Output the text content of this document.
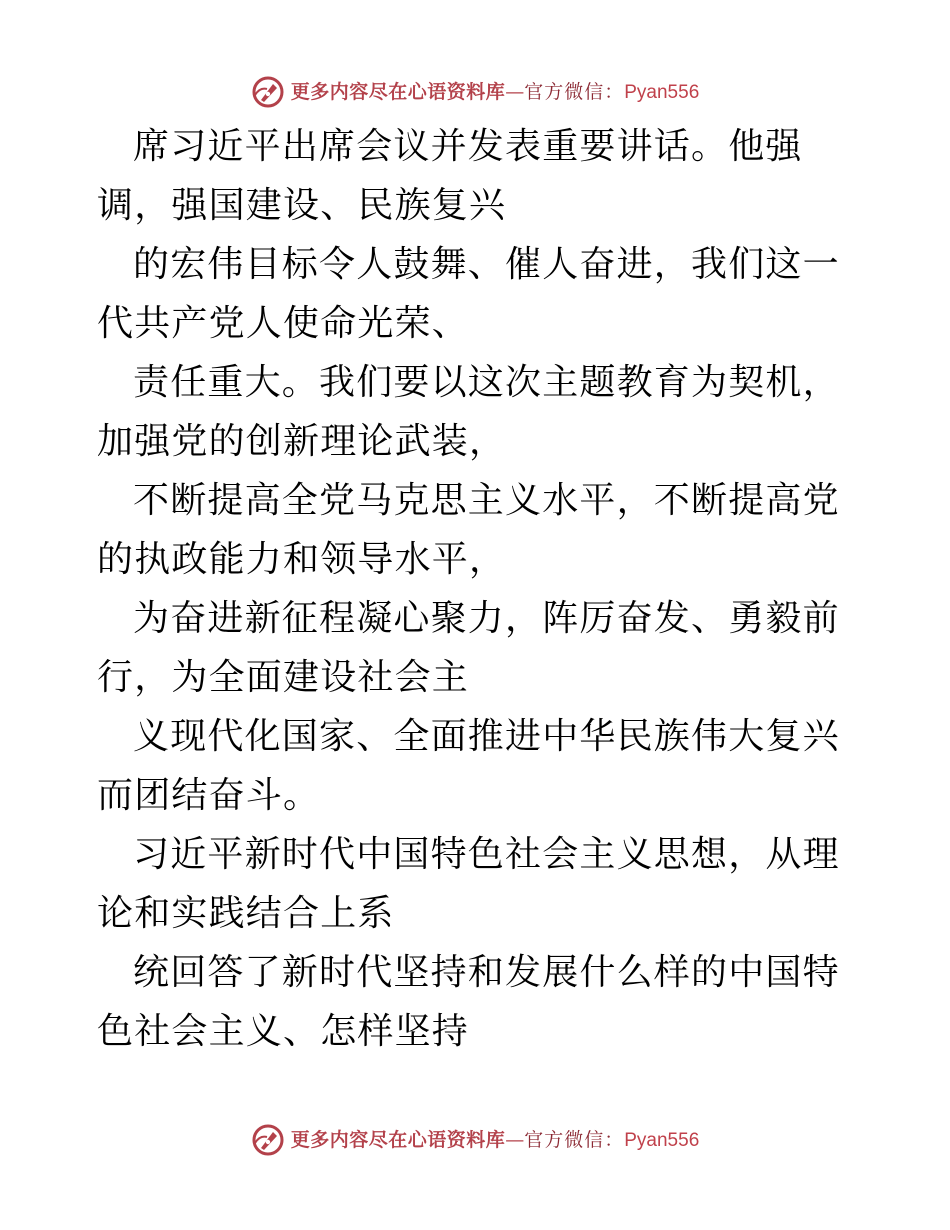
更多内容尽在心语资料库 — 官方微信： Pyan556

席习近平出席会议并发表重要讲话。他强调，强国建设、民族复兴

的宏伟目标令人鼓舞、催人奋进，我们这一代共产党人使命光荣、

责任重大。我们要以这次主题教育为契机，加强党的创新理论武装，

不断提高全党马克思主义水平，不断提高党的执政能力和领导水平，

为奋进新征程凝心聚力，阵厉奋发、勇毅前行，为全面建设社会主

义现代化国家、全面推进中华民族伟大复兴而团结奋斗。

习近平新时代中国特色社会主义思想，从理论和实践结合上系

统回答了新时代坚持和发展什么样的中国特色社会主义、怎样坚持

更多内容尽在心语资料库 — 官方微信： Pyan556
